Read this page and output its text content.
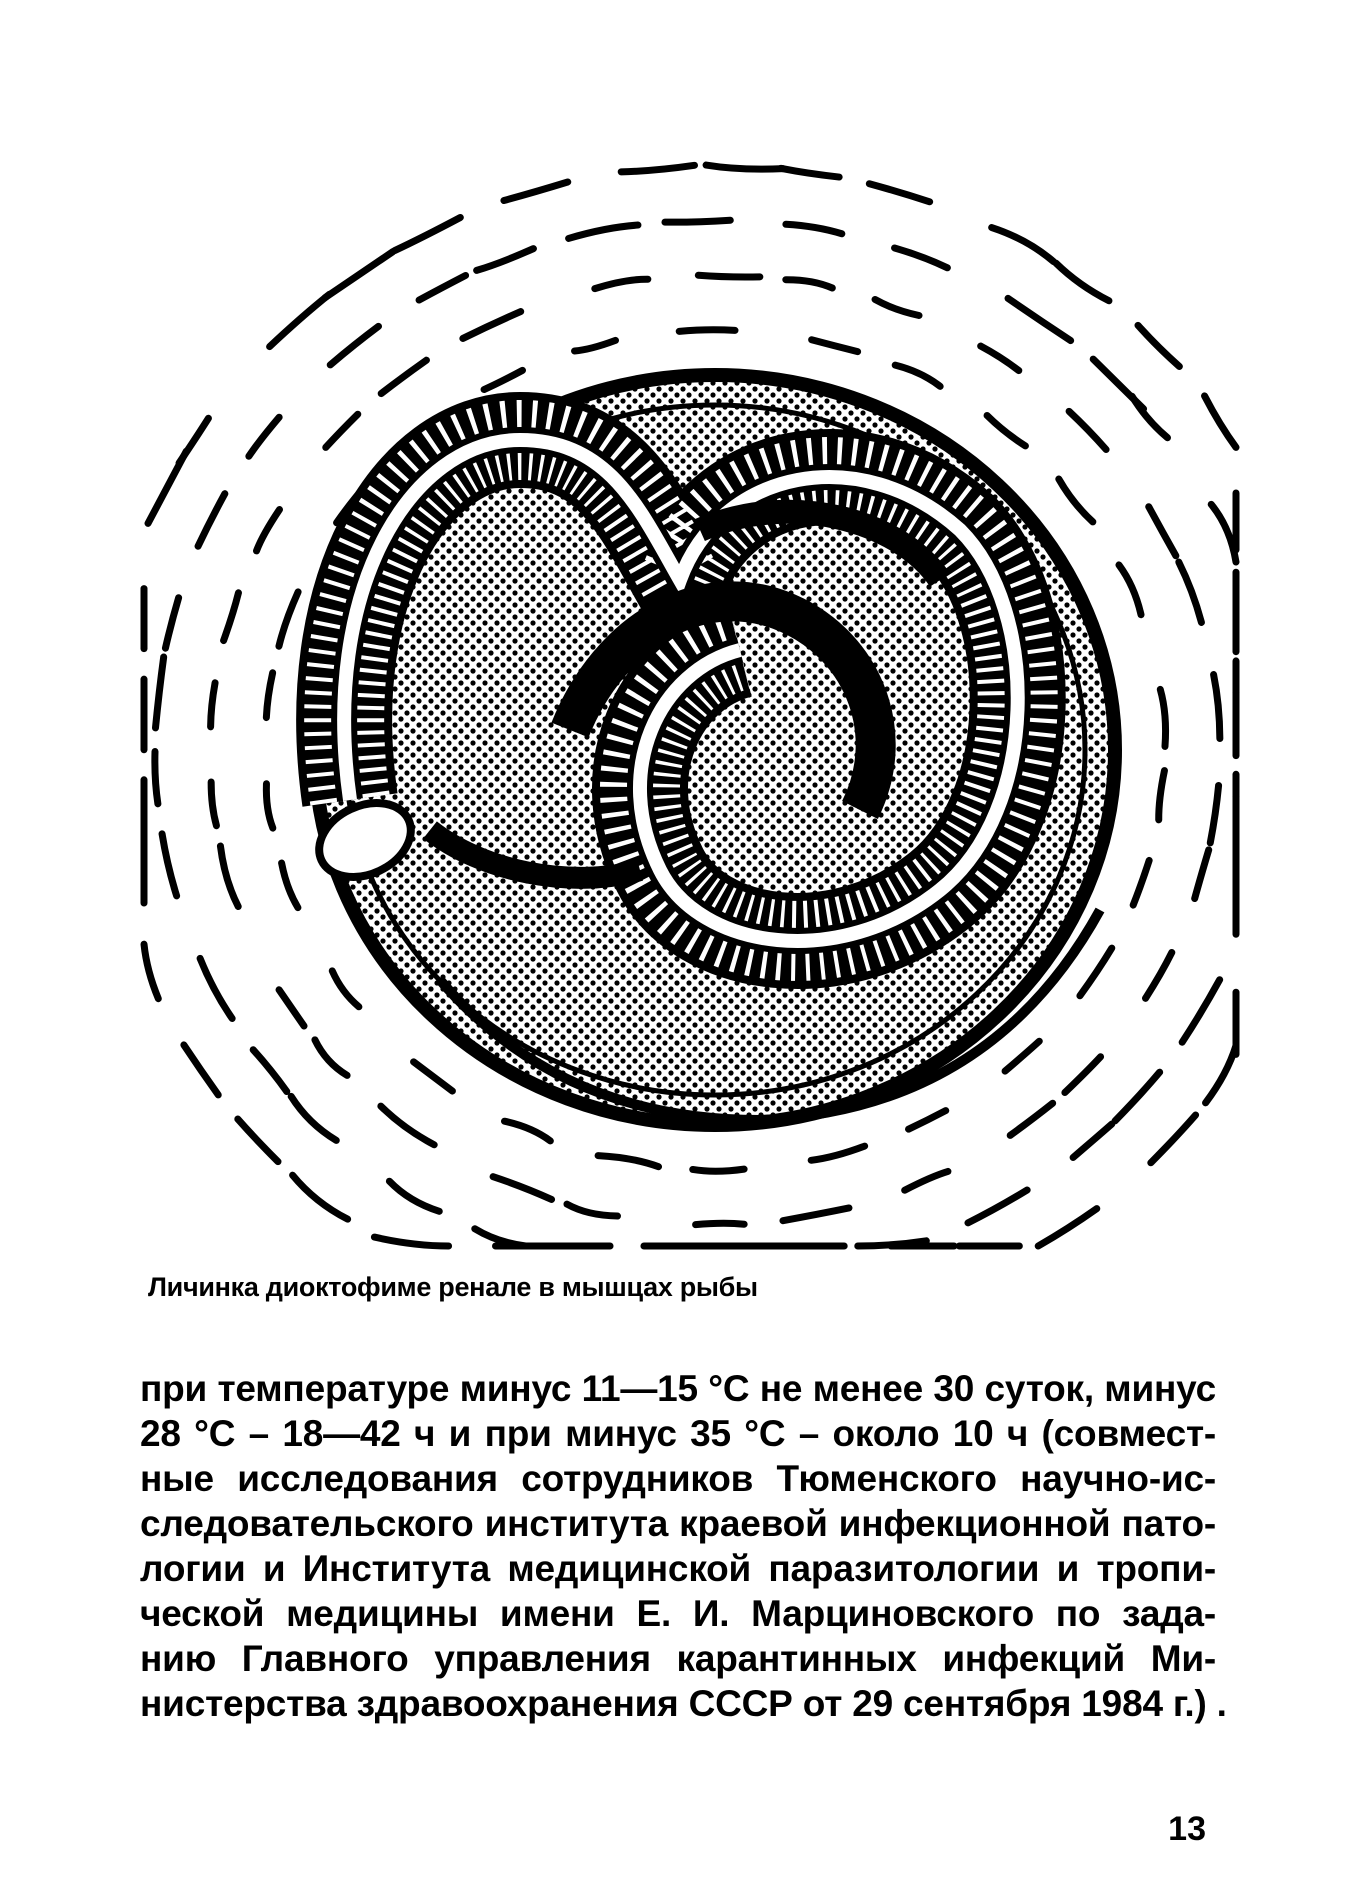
Личинка диоктофиме ренале в мышцах рыбы
при температуре минус 11—15 °С не менее 30 суток, минус
28 °С – 18—42 ч и при минус 35 °С – около 10 ч (совмест-
ные исследования сотрудников Тюменского научно-ис-
следовательского института краевой инфекционной пато-
логии и Института медицинской паразитологии и тропи-
ческой медицины имени Е. И. Марциновского по зада-
нию Главного управления карантинных инфекций Ми-
нистерства здравоохранения СССР от 29 сентября 1984 г.) .
13
